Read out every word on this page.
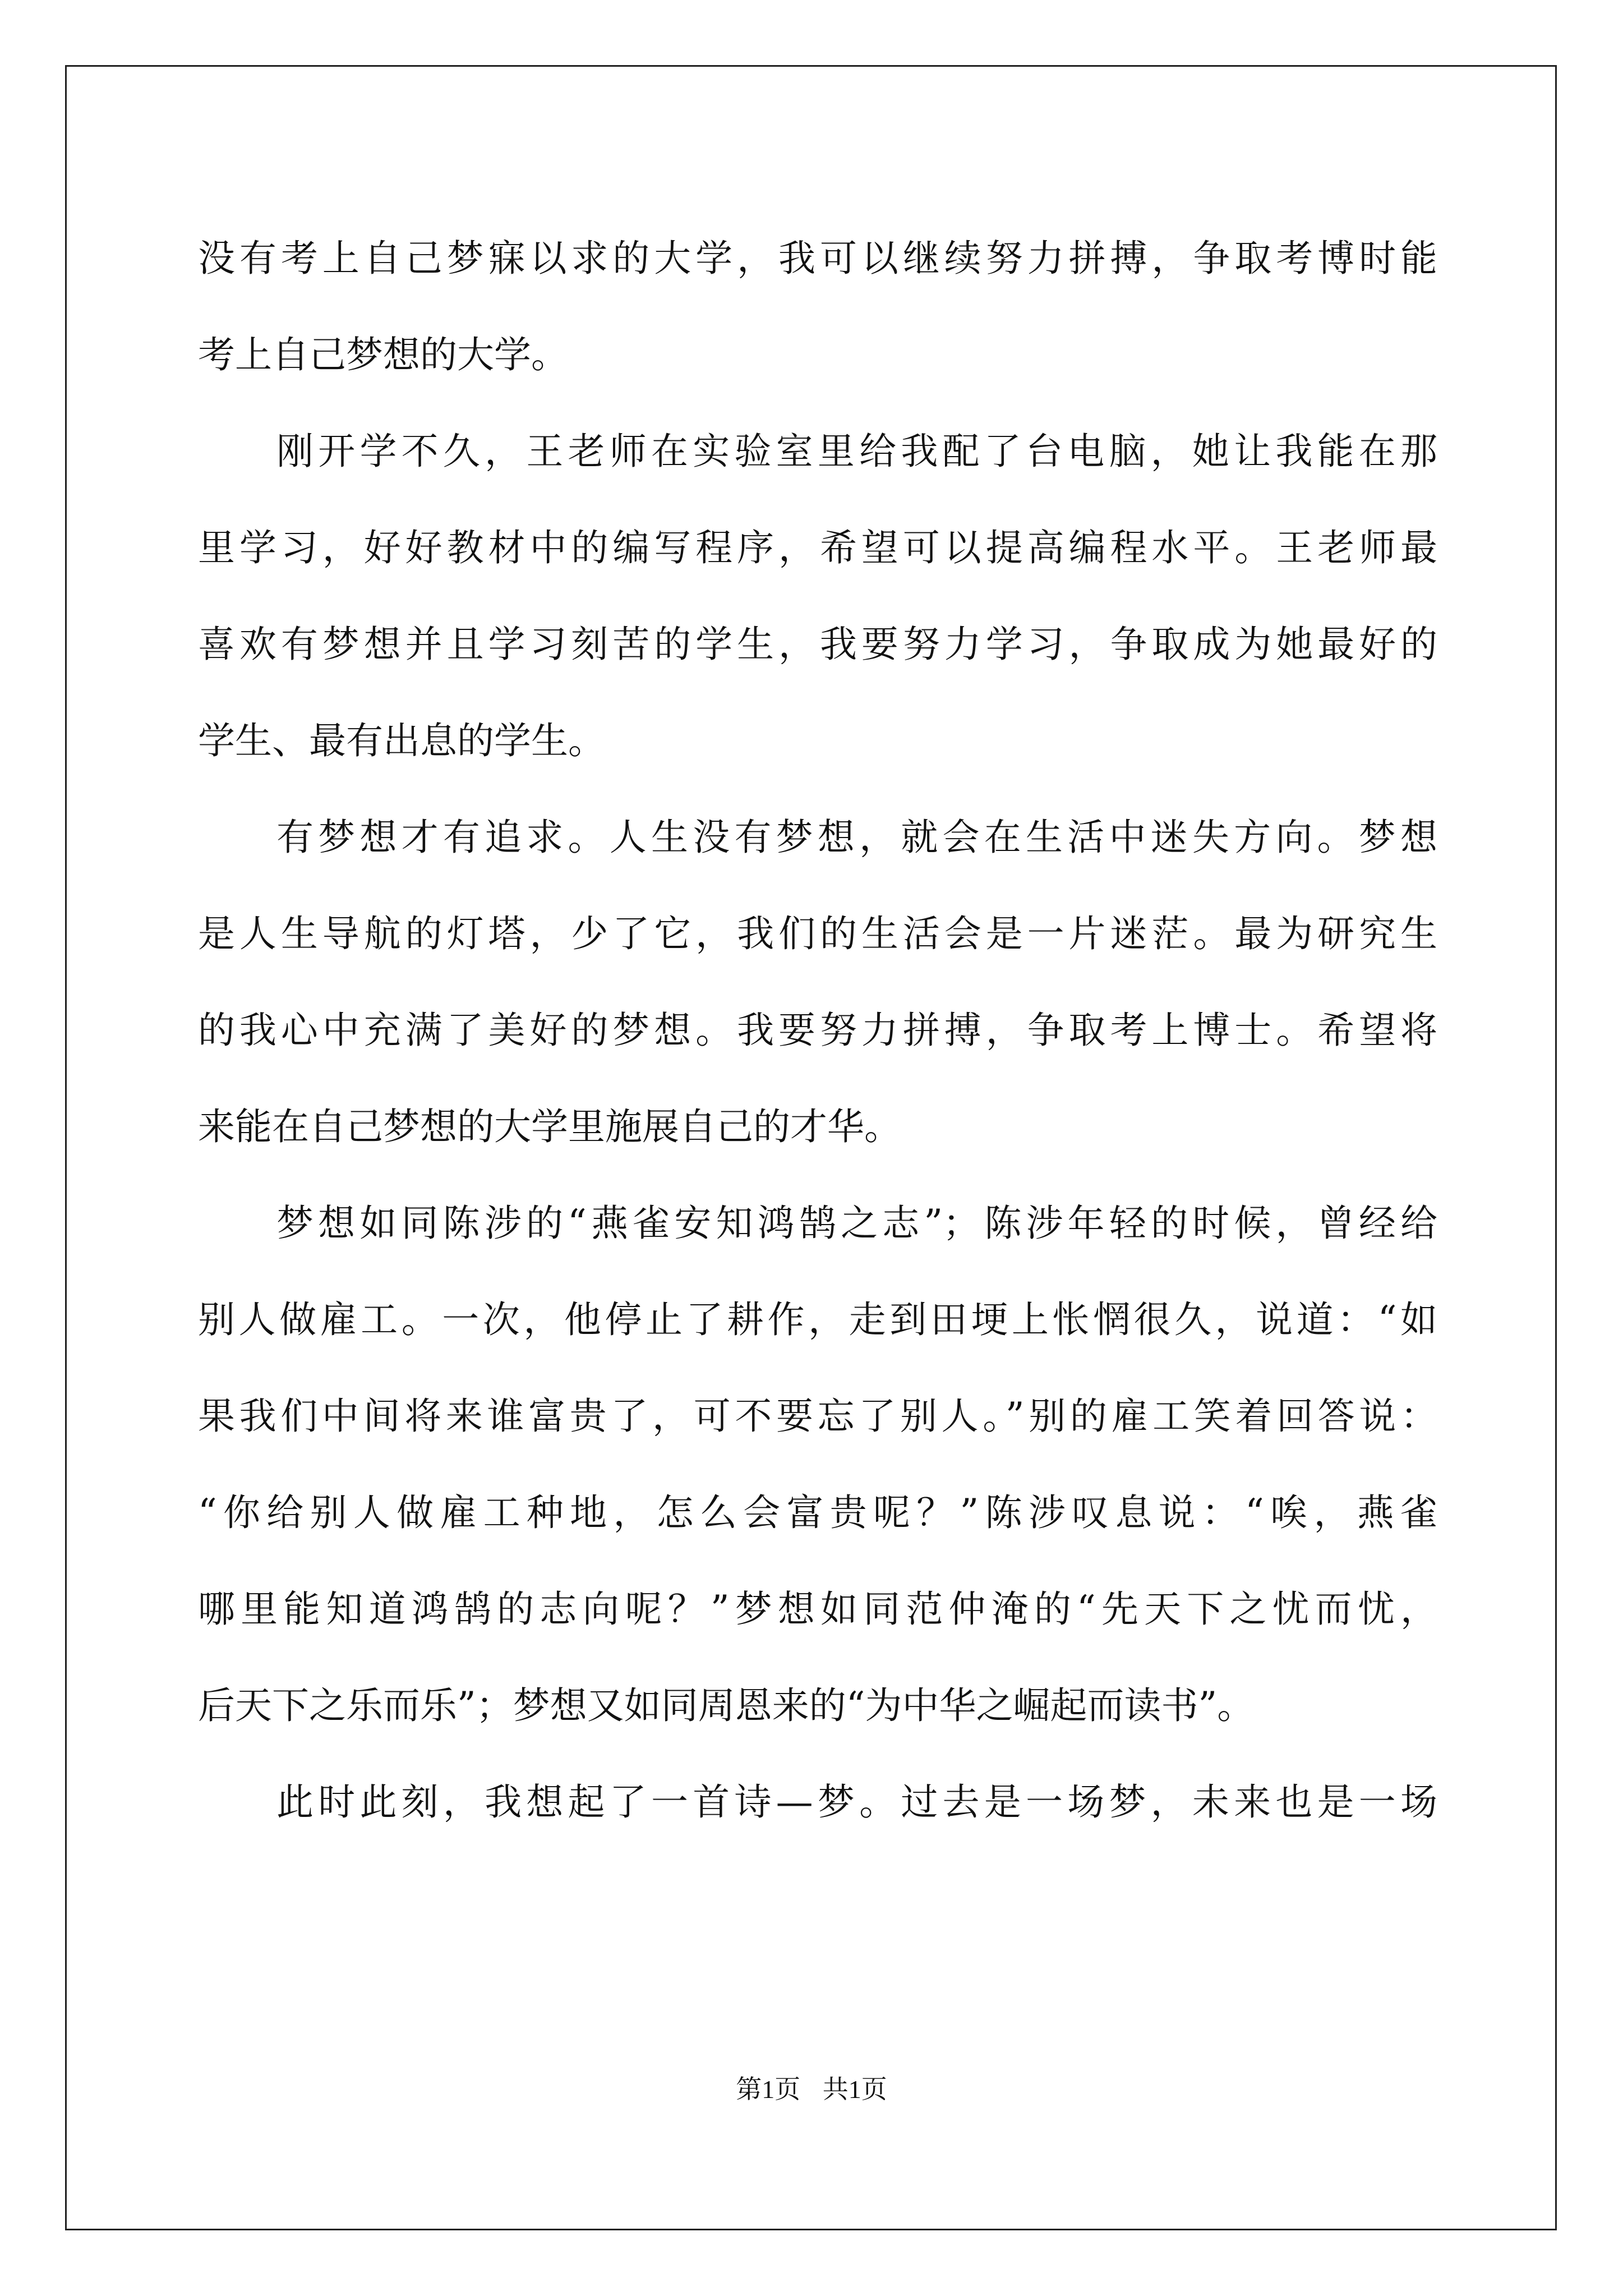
没有考上自己梦寐以求的大学，我可以继续努力拼搏，争取考博时能
考上自己梦想的大学。
刚开学不久，王老师在实验室里给我配了台电脑，她让我能在那
里学习，好好教材中的编写程序，希望可以提高编程水平。王老师最
喜欢有梦想并且学习刻苦的学生，我要努力学习，争取成为她最好的
学生、最有出息的学生。
有梦想才有追求。人生没有梦想，就会在生活中迷失方向。梦想
是人生导航的灯塔，少了它，我们的生活会是一片迷茫。最为研究生
的我心中充满了美好的梦想。我要努力拼搏，争取考上博士。希望将
来能在自己梦想的大学里施展自己的才华。
梦想如同陈涉的“燕雀安知鸿鹄之志”；陈涉年轻的时候，曾经给
别人做雇工。一次，他停止了耕作，走到田埂上怅惘很久，说道：“如
果我们中间将来谁富贵了，可不要忘了别人。”别的雇工笑着回答说：
“你给别人做雇工种地，怎么会富贵呢？”陈涉叹息说：“唉，燕雀
哪里能知道鸿鹄的志向呢？”梦想如同范仲淹的“先天下之忧而忧，
后天下之乐而乐”；梦想又如同周恩来的“为中华之崛起而读书”。
此时此刻，我想起了一首诗—梦。过去是一场梦，未来也是一场
第1页 共1页
